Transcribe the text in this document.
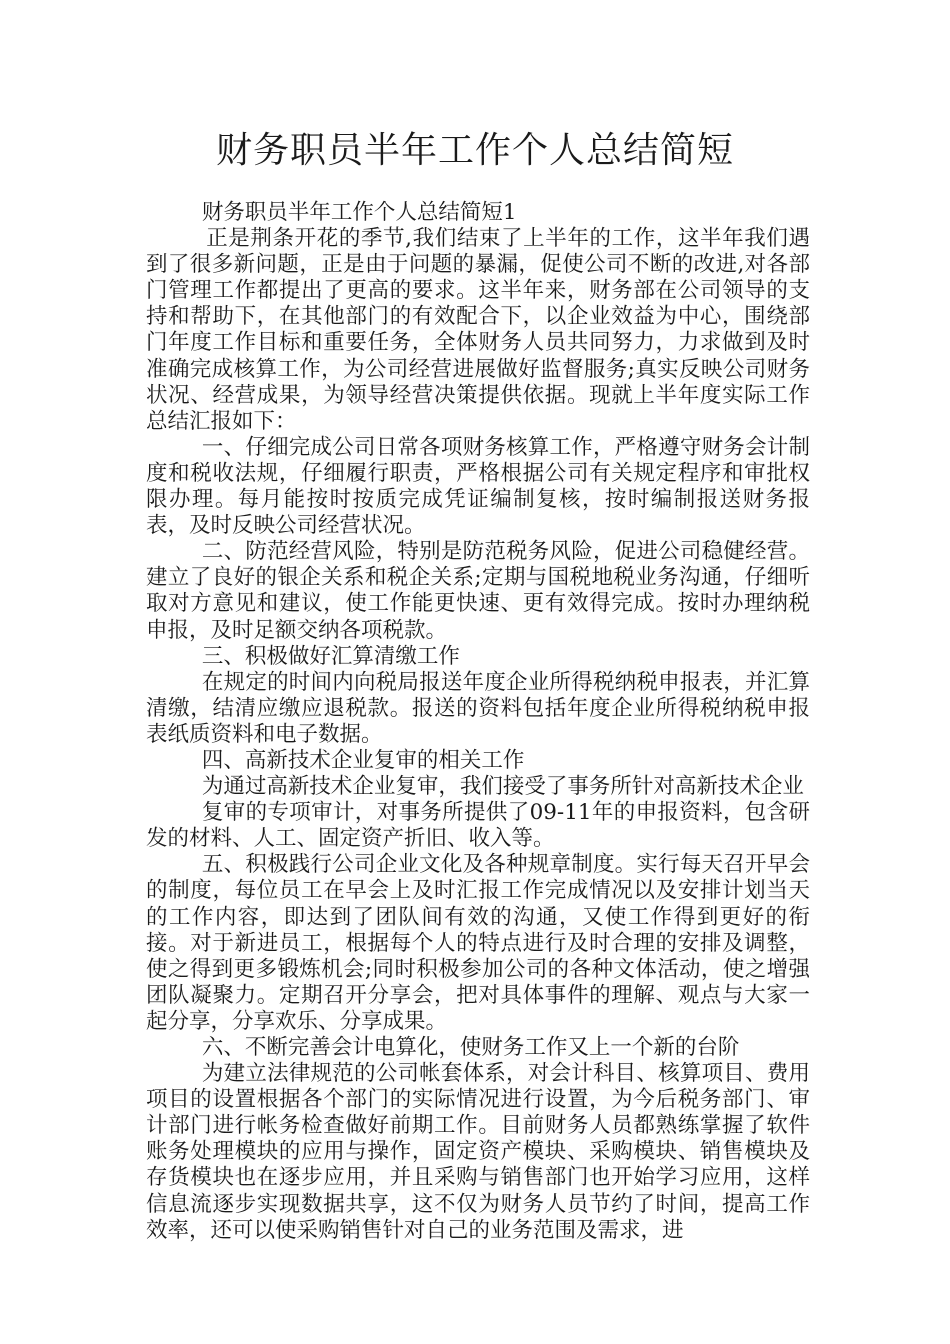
财务职员半年工作个人总结简短

财务职员半年工作个人总结简短1

正是荆条开花的季节,我们结束了上半年的工作，这半年我们遇到了很多新问题，正是由于问题的暴漏，促使公司不断的改进,对各部门管理工作都提出了更高的要求。这半年来，财务部在公司领导的支持和帮助下，在其他部门的有效配合下，以企业效益为中心，围绕部门年度工作目标和重要任务，全体财务人员共同努力，力求做到及时准确完成核算工作，为公司经营进展做好监督服务;真实反映公司财务状况、经营成果，为领导经营决策提供依据。现就上半年度实际工作总结汇报如下：

一、仔细完成公司日常各项财务核算工作，严格遵守财务会计制度和税收法规，仔细履行职责，严格根据公司有关规定程序和审批权限办理。每月能按时按质完成凭证编制复核，按时编制报送财务报表，及时反映公司经营状况。

二、防范经营风险，特别是防范税务风险，促进公司稳健经营。建立了良好的银企关系和税企关系;定期与国税地税业务沟通，仔细听取对方意见和建议，使工作能更快速、更有效得完成。按时办理纳税申报，及时足额交纳各项税款。

三、积极做好汇算清缴工作

在规定的时间内向税局报送年度企业所得税纳税申报表，并汇算清缴，结清应缴应退税款。报送的资料包括年度企业所得税纳税申报表纸质资料和电子数据。

四、高新技术企业复审的相关工作

为通过高新技术企业复审，我们接受了事务所针对高新技术企业

复审的专项审计，对事务所提供了09-11年的申报资料，包含研发的材料、人工、固定资产折旧、收入等。

五、积极践行公司企业文化及各种规章制度。实行每天召开早会的制度，每位员工在早会上及时汇报工作完成情况以及安排计划当天的工作内容，即达到了团队间有效的沟通，又使工作得到更好的衔接。对于新进员工，根据每个人的特点进行及时合理的安排及调整，使之得到更多锻炼机会;同时积极参加公司的各种文体活动，使之增强团队凝聚力。定期召开分享会，把对具体事件的理解、观点与大家一起分享，分享欢乐、分享成果。

六、不断完善会计电算化，使财务工作又上一个新的台阶

为建立法律规范的公司帐套体系，对会计科目、核算项目、费用项目的设置根据各个部门的实际情况进行设置，为今后税务部门、审计部门进行帐务检查做好前期工作。目前财务人员都熟练掌握了软件账务处理模块的应用与操作，固定资产模块、采购模块、销售模块及存货模块也在逐步应用，并且采购与销售部门也开始学习应用，这样信息流逐步实现数据共享，这不仅为财务人员节约了时间，提高工作效率，还可以使采购销售针对自己的业务范围及需求，进
